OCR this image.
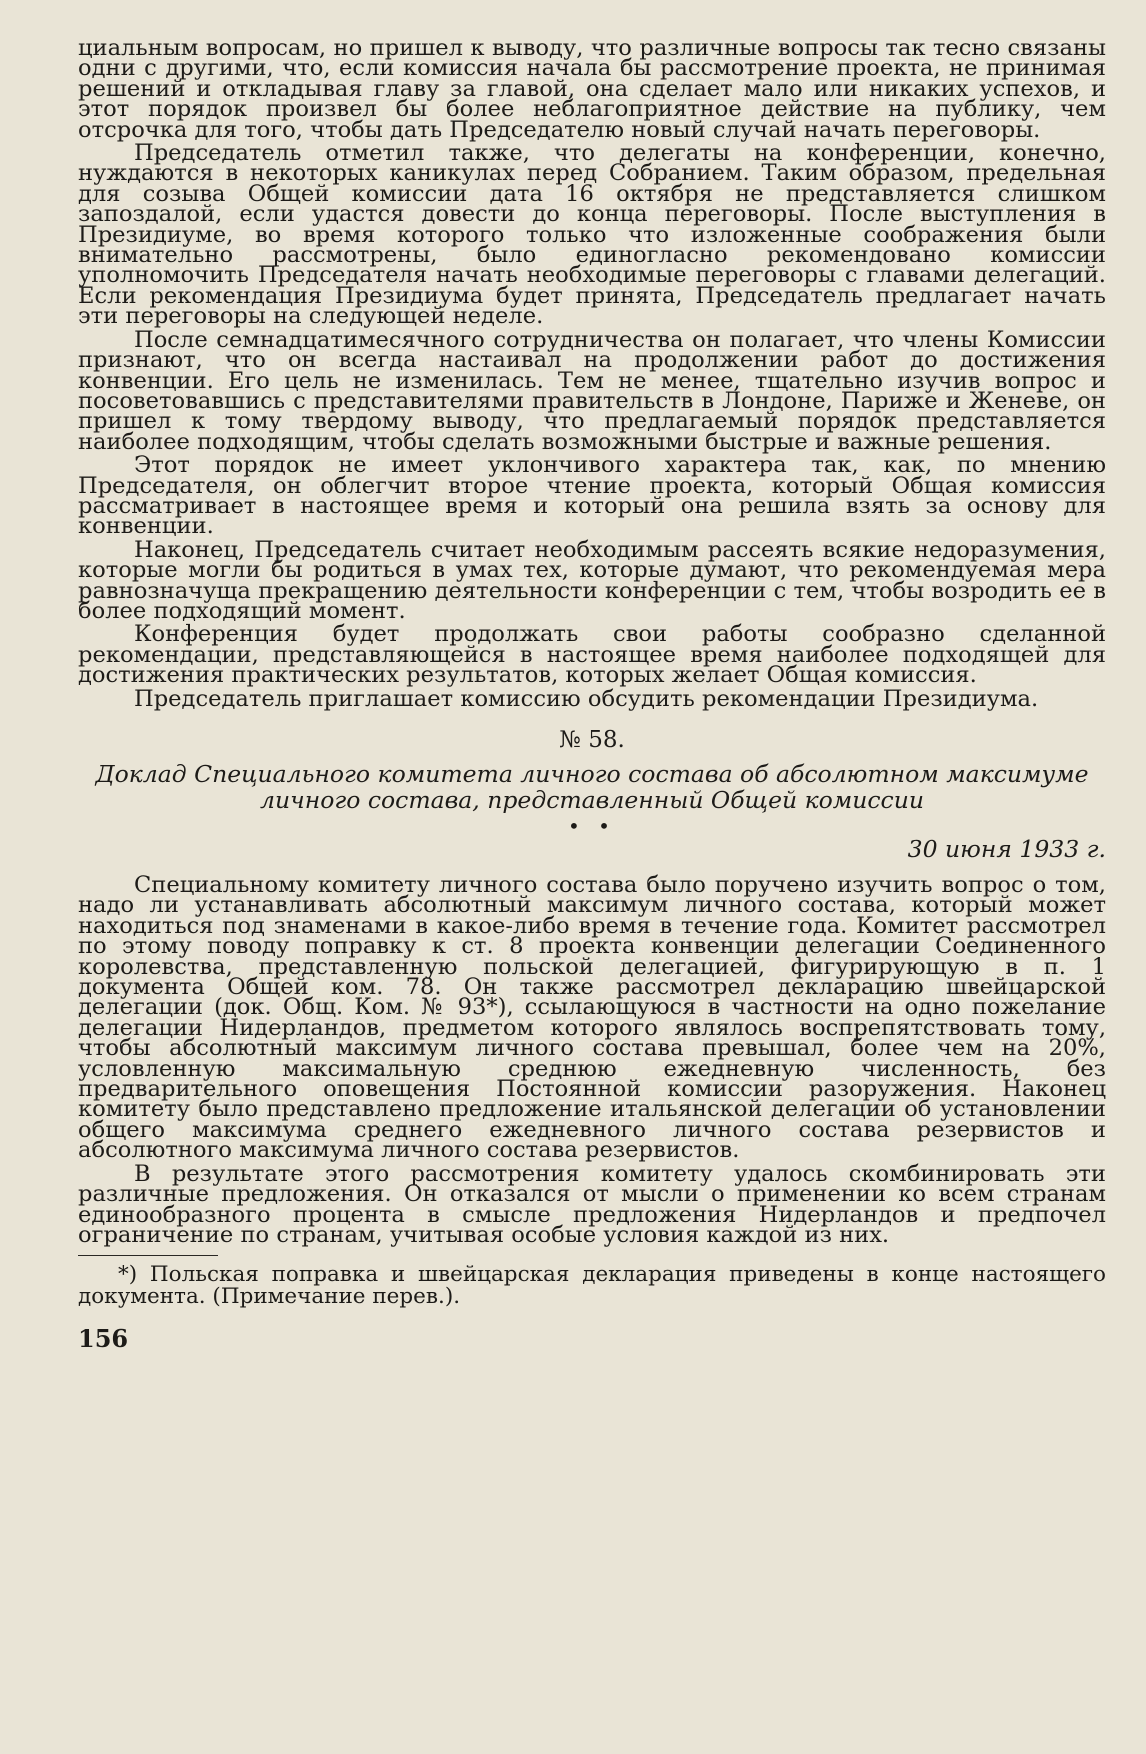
циальным вопросам, но пришел к выводу, что различные вопросы так тесно связаны одни с другими, что, если комиссия начала бы рассмотрение проекта, не принимая решений и откладывая главу за главой, она сделает мало или никаких успехов, и этот порядок произвел бы более неблагоприятное действие на публику, чем отсрочка для того, чтобы дать Председателю новый случай начать переговоры.

Председатель отметил также, что делегаты на конференции, конечно, нуждаются в некоторых каникулах перед Собранием. Таким образом, предельная для созыва Общей комиссии дата 16 октября не представляется слишком запоздалой, если удастся довести до конца переговоры. После выступления в Президиуме, во время которого только что изложенные соображения были внимательно рассмотрены, было единогласно рекомендовано комиссии уполномочить Председателя начать необходимые переговоры с главами делегаций. Если рекомендация Президиума будет принята, Председатель предлагает начать эти переговоры на следующей неделе.

После семнадцатимесячного сотрудничества он полагает, что члены Комиссии признают, что он всегда настаивал на продолжении работ до достижения конвенции. Его цель не изменилась. Тем не менее, тщательно изучив вопрос и посоветовавшись с представителями правительств в Лондоне, Париже и Женеве, он пришел к тому твердому выводу, что предлагаемый порядок представляется наиболее подходящим, чтобы сделать возможными быстрые и важные решения.

Этот порядок не имеет уклончивого характера так, как, по мнению Председателя, он облегчит второе чтение проекта, который Общая комиссия рассматривает в настоящее время и который она решила взять за основу для конвенции.

Наконец, Председатель считает необходимым рассеять всякие недоразумения, которые могли бы родиться в умах тех, которые думают, что рекомендуемая мера равнозначуща прекращению деятельности конференции с тем, чтобы возродить ее в более подходящий момент.

Конференция будет продолжать свои работы сообразно сделанной рекомендации, представляющейся в настоящее время наиболее подходящей для достижения практических результатов, которых желает Общая комиссия.

Председатель приглашает комиссию обсудить рекомендации Президиума.

№ 58.

Доклад Специального комитета личного состава об абсолютном максимуме личного состава, представленный Общей комиссии

• •
30 июня 1933 г.

Специальному комитету личного состава было поручено изучить вопрос о том, надо ли устанавливать абсолютный максимум личного состава, который может находиться под знаменами в какое-либо время в течение года. Комитет рассмотрел по этому поводу поправку к ст. 8 проекта конвенции делегации Соединенного королевства, представленную польской делегацией, фигурирующую в п. 1 документа Общей ком. 78. Он также рассмотрел декларацию швейцарской делегации (док. Общ. Ком. № 93*), ссылающуюся в частности на одно пожелание делегации Нидерландов, предметом которого являлось воспрепятствовать тому, чтобы абсолютный максимум личного состава превышал, более чем на 20%, условленную максимальную среднюю ежедневную численность, без предварительного оповещения Постоянной комиссии разоружения. Наконец комитету было представлено предложение итальянской делегации об установлении общего максимума среднего ежедневного личного состава резервистов и абсолютного максимума личного состава резервистов.

В результате этого рассмотрения комитету удалось скомбинировать эти различные предложения. Он отказался от мысли о применении ко всем странам единообразного процента в смысле предложения Нидерландов и предпочел ограничение по странам, учитывая особые условия каждой из них.

*) Польская поправка и швейцарская декларация приведены в конце настоящего документа. (Примечание перев.).

156
